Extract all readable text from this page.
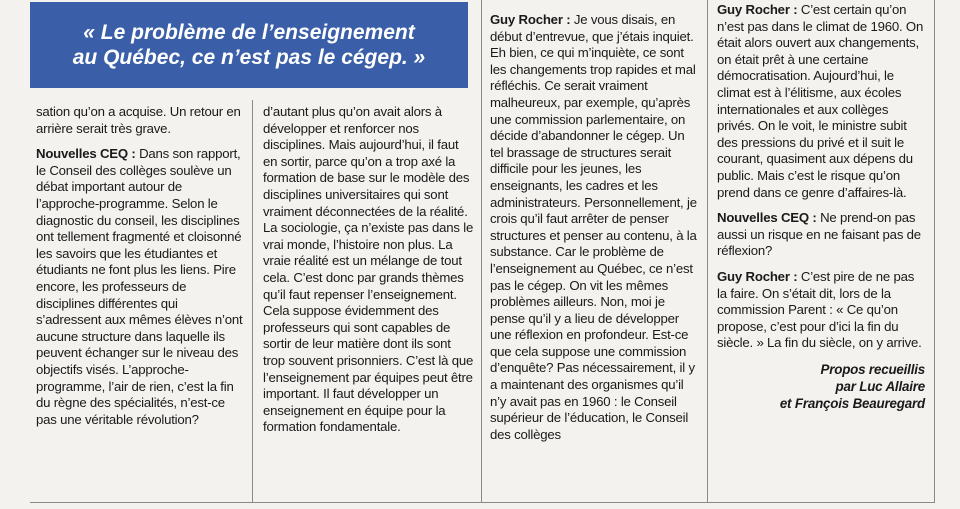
« Le problème de l’enseignement
au Québec, ce n’est pas le cégep. »

sation qu’on a acquise. Un retour en arrière serait très grave.

Nouvelles CEQ : Dans son rapport, le Conseil des collèges soulève un débat important autour de l’approche-programme. Selon le diagnostic du conseil, les disciplines ont tellement fragmenté et cloisonné les savoirs que les étudiantes et étudiants ne font plus les liens. Pire encore, les professeurs de disciplines différentes qui s’adressent aux mêmes élèves n’ont aucune structure dans laquelle ils peuvent échanger sur le niveau des objectifs visés. L’approche-programme, l’air de rien, c’est la fin du règne des spécialités, n’est-ce pas une véritable révolution?

d’autant plus qu’on avait alors à développer et renforcer nos disciplines. Mais aujourd’hui, il faut en sortir, parce qu’on a trop axé la formation de base sur le modèle des disciplines universitaires qui sont vraiment déconnectées de la réalité. La sociologie, ça n’existe pas dans le vrai monde, l’histoire non plus. La vraie réalité est un mélange de tout cela. C’est donc par grands thèmes qu’il faut repenser l’enseignement. Cela suppose évidemment des professeurs qui sont capables de sortir de leur matière dont ils sont trop souvent prisonniers. C’est là que l’enseignement par équipes peut être important. Il faut développer un enseignement en équipe pour la formation fondamentale.

Guy Rocher : Je vous disais, en début d’entrevue, que j’étais inquiet. Eh bien, ce qui m’inquiète, ce sont les changements trop rapides et mal réfléchis. Ce serait vraiment malheureux, par exemple, qu’après une commission parlementaire, on décide d’abandonner le cégep. Un tel brassage de structures serait difficile pour les jeunes, les enseignants, les cadres et les administrateurs. Personnellement, je crois qu’il faut arrêter de penser structures et penser au contenu, à la substance. Car le problème de l’enseignement au Québec, ce n’est pas le cégep. On vit les mêmes problèmes ailleurs. Non, moi je pense qu’il y a lieu de développer une réflexion en profondeur. Est-ce que cela suppose une commission d’enquête? Pas nécessairement, il y a maintenant des organismes qu’il n’y avait pas en 1960 : le Conseil supérieur de l’éducation, le Conseil des collèges

Guy Rocher : C’est certain qu’on n’est pas dans le climat de 1960. On était alors ouvert aux changements, on était prêt à une certaine démocratisation. Aujourd’hui, le climat est à l’élitisme, aux écoles internationales et aux collèges privés. On le voit, le ministre subit des pressions du privé et il suit le courant, quasiment aux dépens du public. Mais c’est le risque qu’on prend dans ce genre d’affaires-là.

Nouvelles CEQ : Ne prend-on pas aussi un risque en ne faisant pas de réflexion?

Guy Rocher : C’est pire de ne pas la faire. On s’était dit, lors de la commission Parent : « Ce qu’on propose, c’est pour d’ici la fin du siècle. » La fin du siècle, on y arrive.

Propos recueillis
par Luc Allaire
et François Beauregard
